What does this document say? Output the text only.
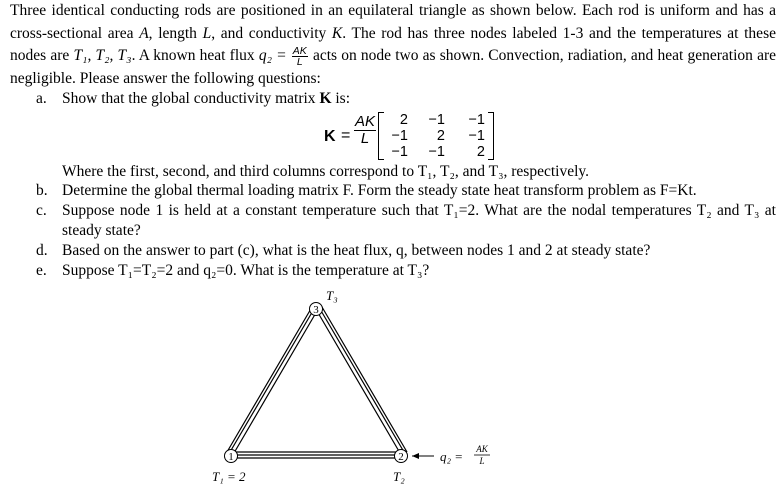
Three identical conducting rods are positioned in an equilateral triangle as shown below. Each rod is uniform and has a cross-sectional area A, length L, and conductivity K. The rod has three nodes labeled 1-3 and the temperatures at these nodes are T₁, T₂, T₃. A known heat flux $q_2 = \frac{AK}{L}$ acts on node two as shown. Convection, radiation, and heat generation are negligible. Please answer the following questions:
a. Show that the global conductivity matrix K is:
$K = \frac{AK}{L}$	2	−1	−1
−1	2	−1
−1	−1	2
Where the first, second, and third columns correspond to T₁, T₂, and T₃, respectively.
b. Determine the global thermal loading matrix F. Form the steady state heat transform problem as F=Kt.
c. Suppose node 1 is held at a constant temperature such that T₁=2. What are the nodal temperatures T₂ and T₃ at steady state?
d. Based on the answer to part (c), what is the heat flux, q, between nodes 1 and 2 at steady state?
e. Suppose T₁=T₂=2 and q₂=0. What is the temperature at T₃?
3
1	2
T₃
T₁ = 2	T₂
q₂ = AK
L
